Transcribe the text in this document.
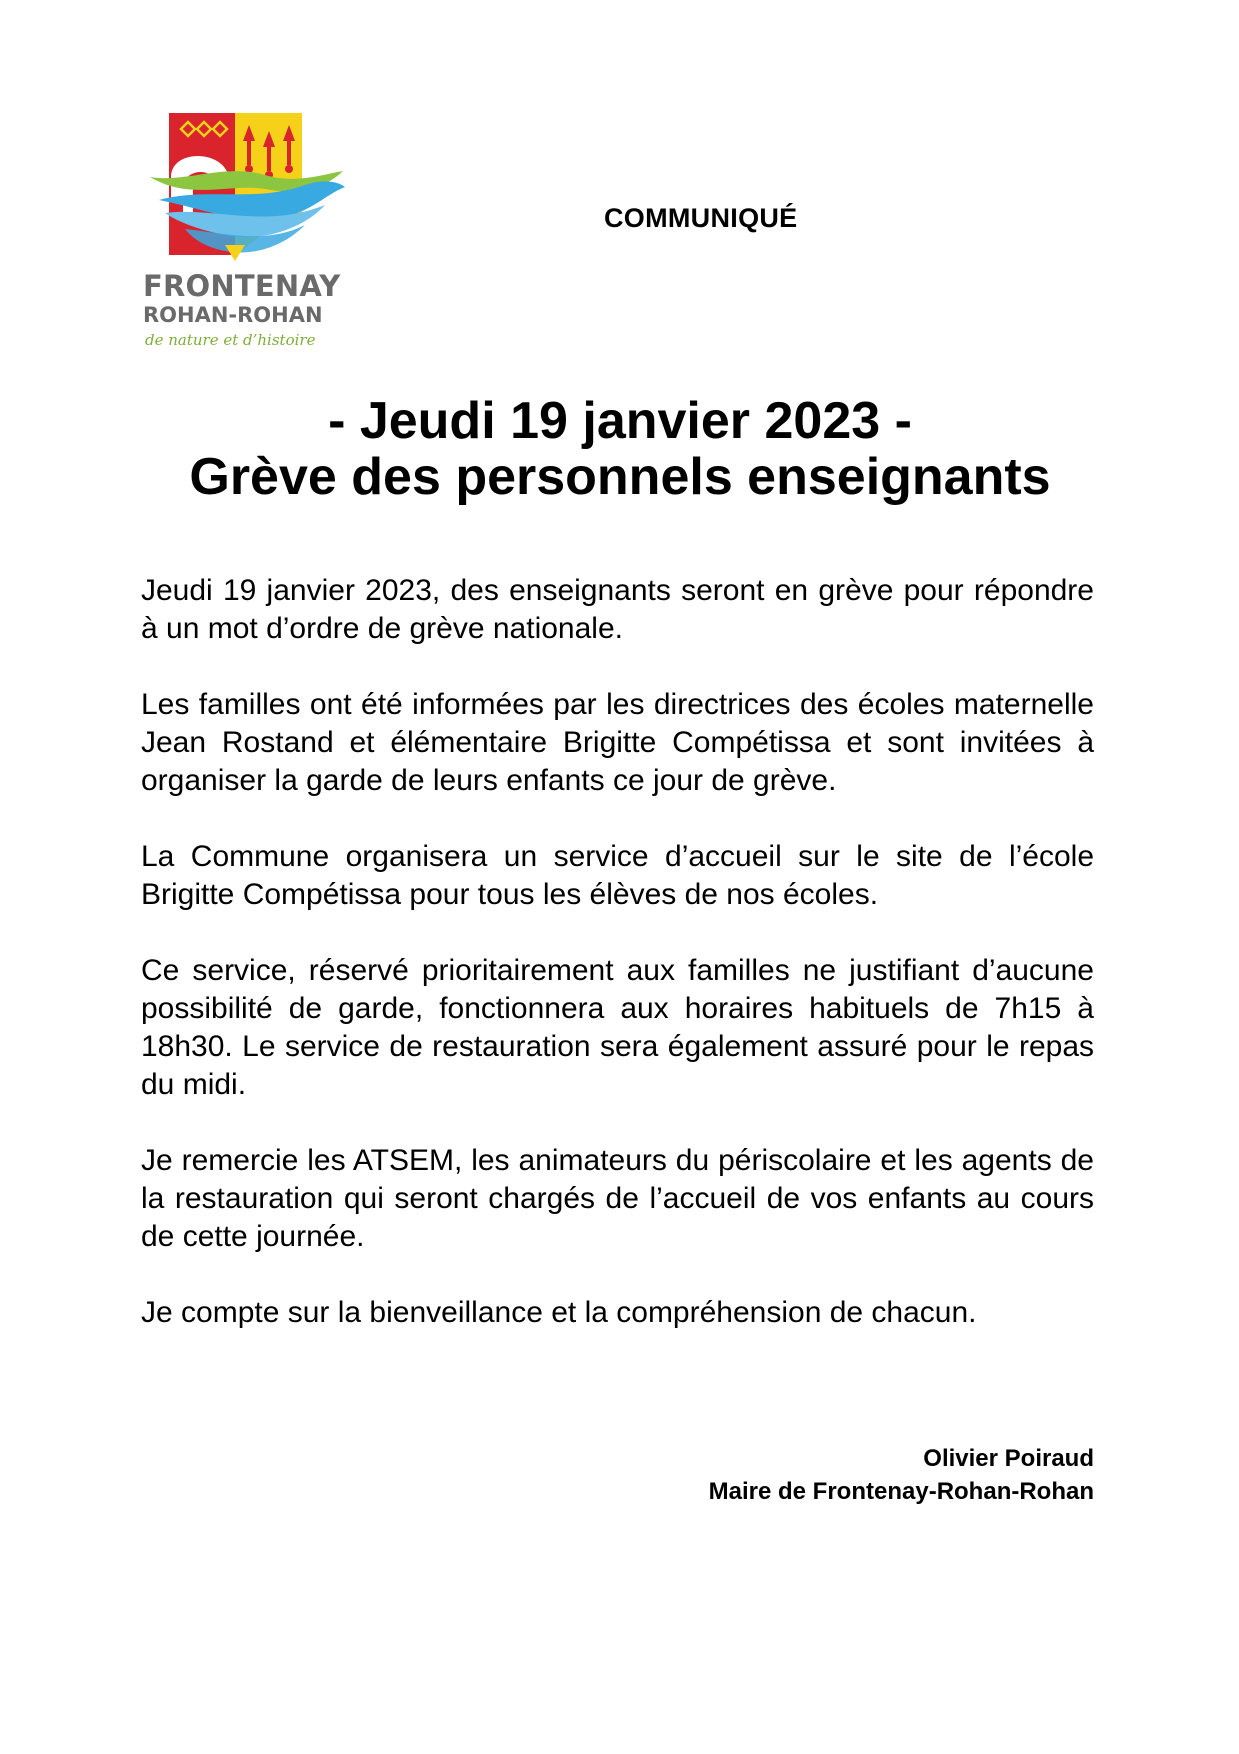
FRONTENAY
ROHAN-ROHAN
de nature et d’histoire
COMMUNIQUÉ
- Jeudi 19 janvier 2023 -
Grève des personnels enseignants

Jeudi 19 janvier 2023, des enseignants seront en grève pour répondre à un mot d’ordre de grève nationale.

Les familles ont été informées par les directrices des écoles maternelle Jean Rostand et élémentaire Brigitte Compétissa et sont invitées à organiser la garde de leurs enfants ce jour de grève.

La Commune organisera un service d’accueil sur le site de l’école Brigitte Compétissa pour tous les élèves de nos écoles.

Ce service, réservé prioritairement aux familles ne justifiant d’aucune possibilité de garde, fonctionnera aux horaires habituels de 7h15 à 18h30. Le service de restauration sera également assuré pour le repas du midi.

Je remercie les ATSEM, les animateurs du périscolaire et les agents de la restauration qui seront chargés de l’accueil de vos enfants au cours de cette journée.

Je compte sur la bienveillance et la compréhension de chacun.

Olivier Poiraud
Maire de Frontenay-Rohan-Rohan
